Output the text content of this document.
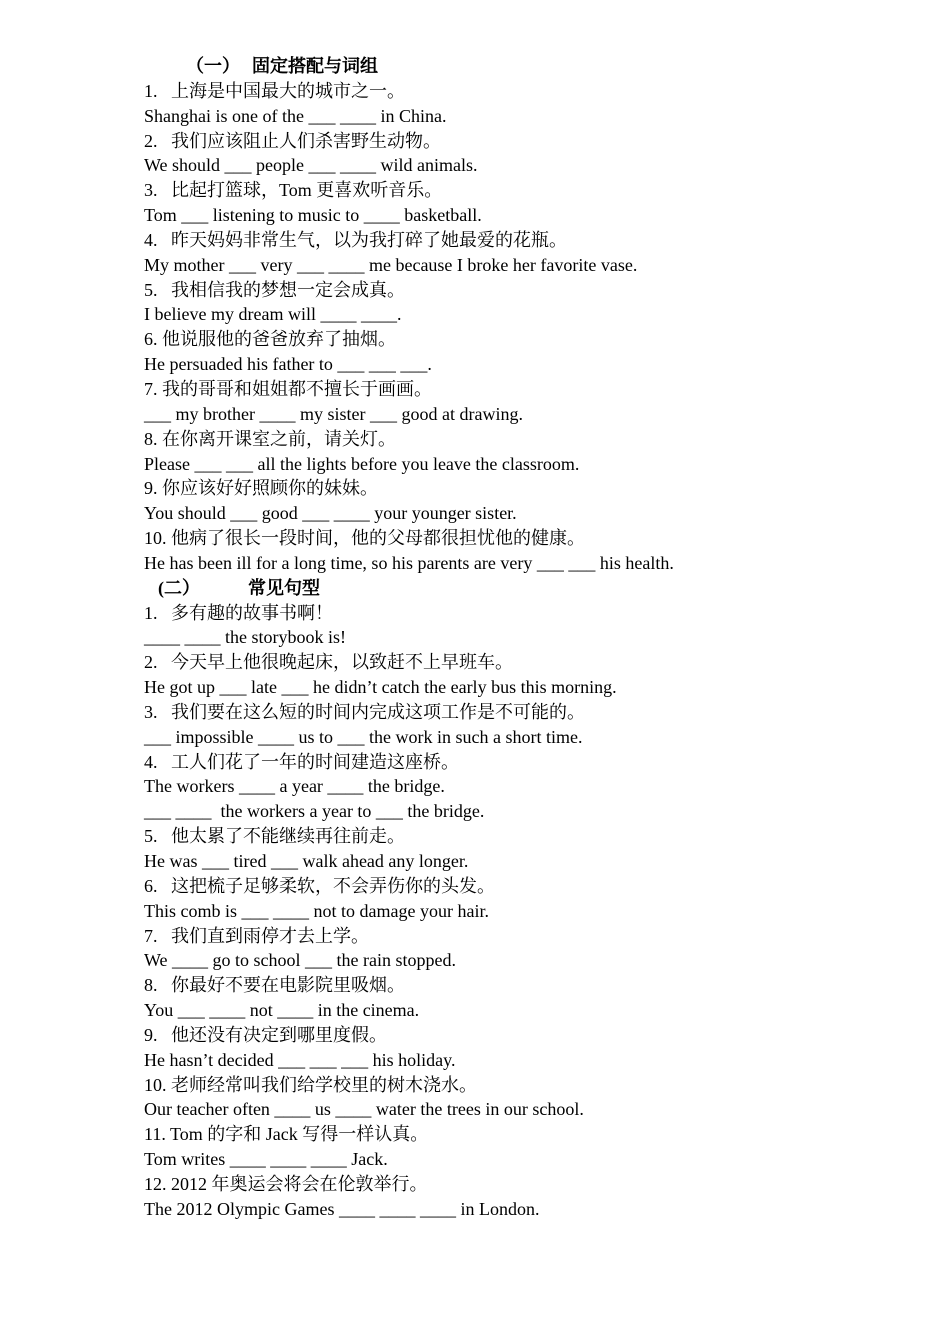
（一） 固定搭配与词组
1.   上海是中国最大的城市之一。
Shanghai is one of the ___ ____ in China.
2.   我们应该阻止人们杀害野生动物。
We should ___ people ___ ____ wild animals.
3.   比起打篮球，Tom 更喜欢听音乐。
Tom ___ listening to music to ____ basketball.
4.   昨天妈妈非常生气，以为我打碎了她最爱的花瓶。
My mother ___ very ___ ____ me because I broke her favorite vase.
5.   我相信我的梦想一定会成真。
I believe my dream will ____ ____.
6. 他说服他的爸爸放弃了抽烟。
He persuaded his father to ___ ___ ___.
7. 我的哥哥和姐姐都不擅长于画画。
___ my brother ____ my sister ___ good at drawing.
8. 在你离开课室之前，请关灯。
Please ___ ___ all the lights before you leave the classroom.
9. 你应该好好照顾你的妹妹。
You should ___ good ___ ____ your younger sister.
10. 他病了很长一段时间，他的父母都很担忧他的健康。
He has been ill for a long time, so his parents are very ___ ___ his health.
(二）	常见句型
1.   多有趣的故事书啊！
____ ____ the storybook is!
2.   今天早上他很晚起床，以致赶不上早班车。
He got up ___ late ___ he didn’t catch the early bus this morning.
3.   我们要在这么短的时间内完成这项工作是不可能的。
___ impossible ____ us to ___ the work in such a short time.
4.   工人们花了一年的时间建造这座桥。
The workers ____ a year ____ the bridge.
___ ____  the workers a year to ___ the bridge.
5.   他太累了不能继续再往前走。
He was ___ tired ___ walk ahead any longer.
6.   这把梳子足够柔软，不会弄伤你的头发。
This comb is ___ ____ not to damage your hair.
7.   我们直到雨停才去上学。
We ____ go to school ___ the rain stopped.
8.   你最好不要在电影院里吸烟。
You ___ ____ not ____ in the cinema.
9.   他还没有决定到哪里度假。
He hasn’t decided ___ ___ ___ his holiday.
10. 老师经常叫我们给学校里的树木浇水。
Our teacher often ____ us ____ water the trees in our school.
11. Tom 的字和 Jack 写得一样认真。
Tom writes ____ ____ ____ Jack.
12. 2012 年奥运会将会在伦敦举行。
The 2012 Olympic Games ____ ____ ____ in London.
